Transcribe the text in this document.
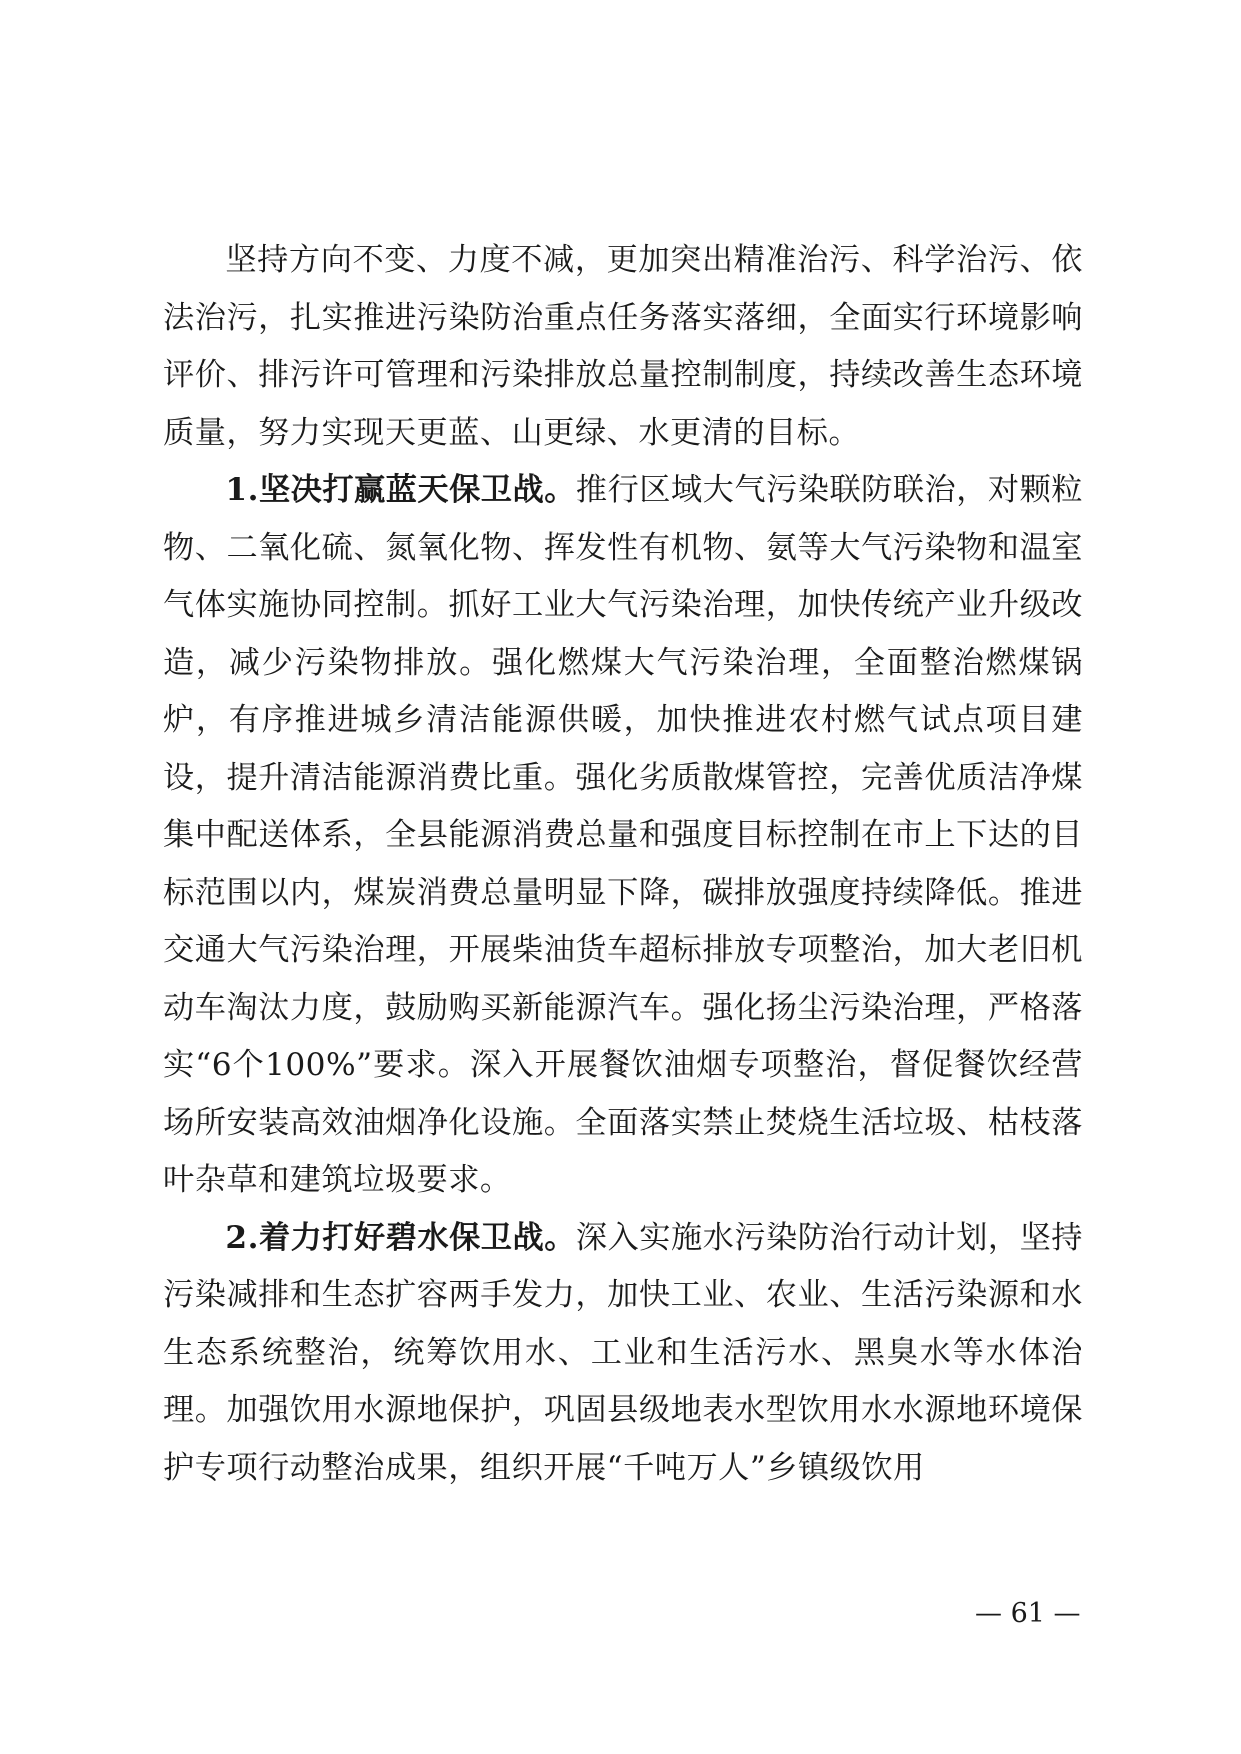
坚持方向不变、力度不减，更加突出精准治污、科学治污、依法治污，扎实推进污染防治重点任务落实落细，全面实行环境影响评价、排污许可管理和污染排放总量控制制度，持续改善生态环境质量，努力实现天更蓝、山更绿、水更清的目标。

1.坚决打赢蓝天保卫战。推行区域大气污染联防联治，对颗粒物、二氧化硫、氮氧化物、挥发性有机物、氨等大气污染物和温室气体实施协同控制。抓好工业大气污染治理，加快传统产业升级改造，减少污染物排放。强化燃煤大气污染治理，全面整治燃煤锅炉，有序推进城乡清洁能源供暖，加快推进农村燃气试点项目建设，提升清洁能源消费比重。强化劣质散煤管控，完善优质洁净煤集中配送体系，全县能源消费总量和强度目标控制在市上下达的目标范围以内，煤炭消费总量明显下降，碳排放强度持续降低。推进交通大气污染治理，开展柴油货车超标排放专项整治，加大老旧机动车淘汰力度，鼓励购买新能源汽车。强化扬尘污染治理，严格落实“6个100%”要求。深入开展餐饮油烟专项整治，督促餐饮经营场所安装高效油烟净化设施。全面落实禁止焚烧生活垃圾、枯枝落叶杂草和建筑垃圾要求。

2.着力打好碧水保卫战。深入实施水污染防治行动计划，坚持污染减排和生态扩容两手发力，加快工业、农业、生活污染源和水生态系统整治，统筹饮用水、工业和生活污水、黑臭水等水体治理。加强饮用水源地保护，巩固县级地表水型饮用水水源地环境保护专项行动整治成果，组织开展“千吨万人”乡镇级饮用

— 61 —
